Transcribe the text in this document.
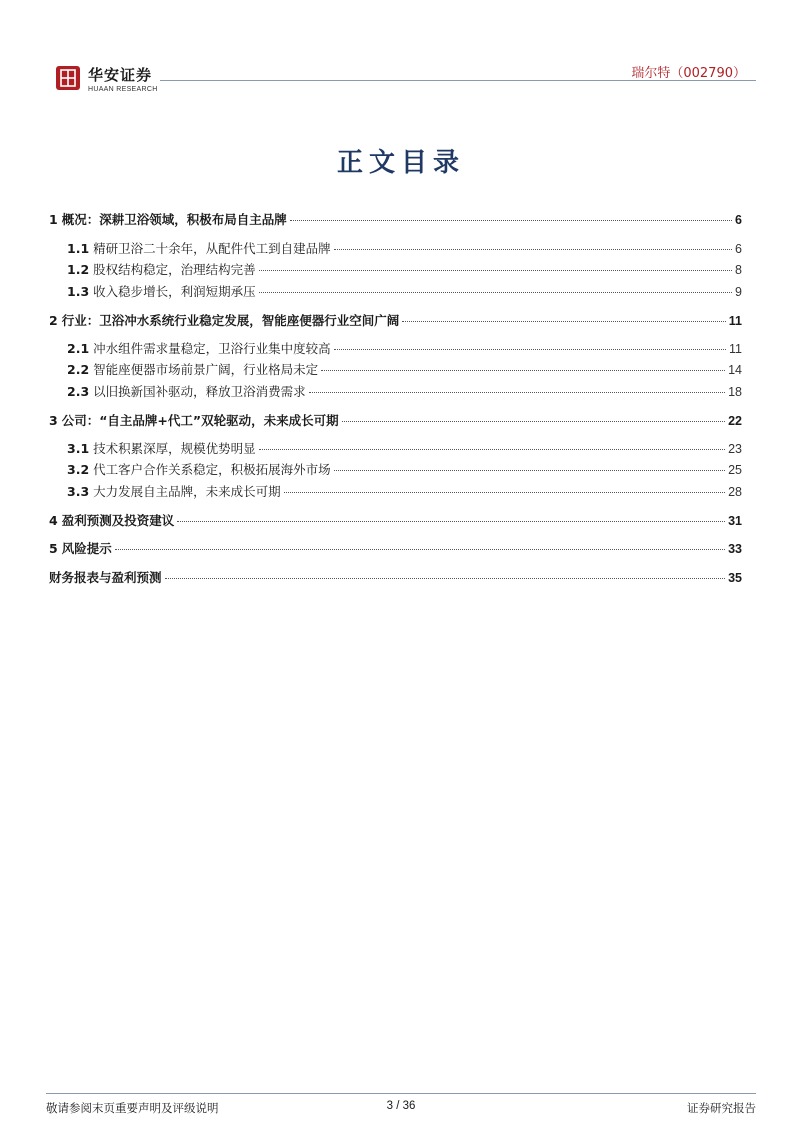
华安证券
HUAAN RESEARCH
瑞尔特（002790）
正文目录
1 概况：深耕卫浴领域，积极布局自主品牌	6
1.1 精研卫浴二十余年，从配件代工到自建品牌	6
1.2 股权结构稳定，治理结构完善	8
1.3 收入稳步增长，利润短期承压	9
2 行业：卫浴冲水系统行业稳定发展，智能座便器行业空间广阔	11
2.1 冲水组件需求量稳定，卫浴行业集中度较高	11
2.2 智能座便器市场前景广阔，行业格局未定	14
2.3 以旧换新国补驱动，释放卫浴消费需求	18
3 公司：“自主品牌+代工”双轮驱动，未来成长可期	22
3.1 技术积累深厚，规模优势明显	23
3.2 代工客户合作关系稳定，积极拓展海外市场	25
3.3 大力发展自主品牌，未来成长可期	28
4 盈利预测及投资建议	31
5 风险提示	33
财务报表与盈利预测	35
敬请参阅末页重要声明及评级说明	3 / 36	证券研究报告
